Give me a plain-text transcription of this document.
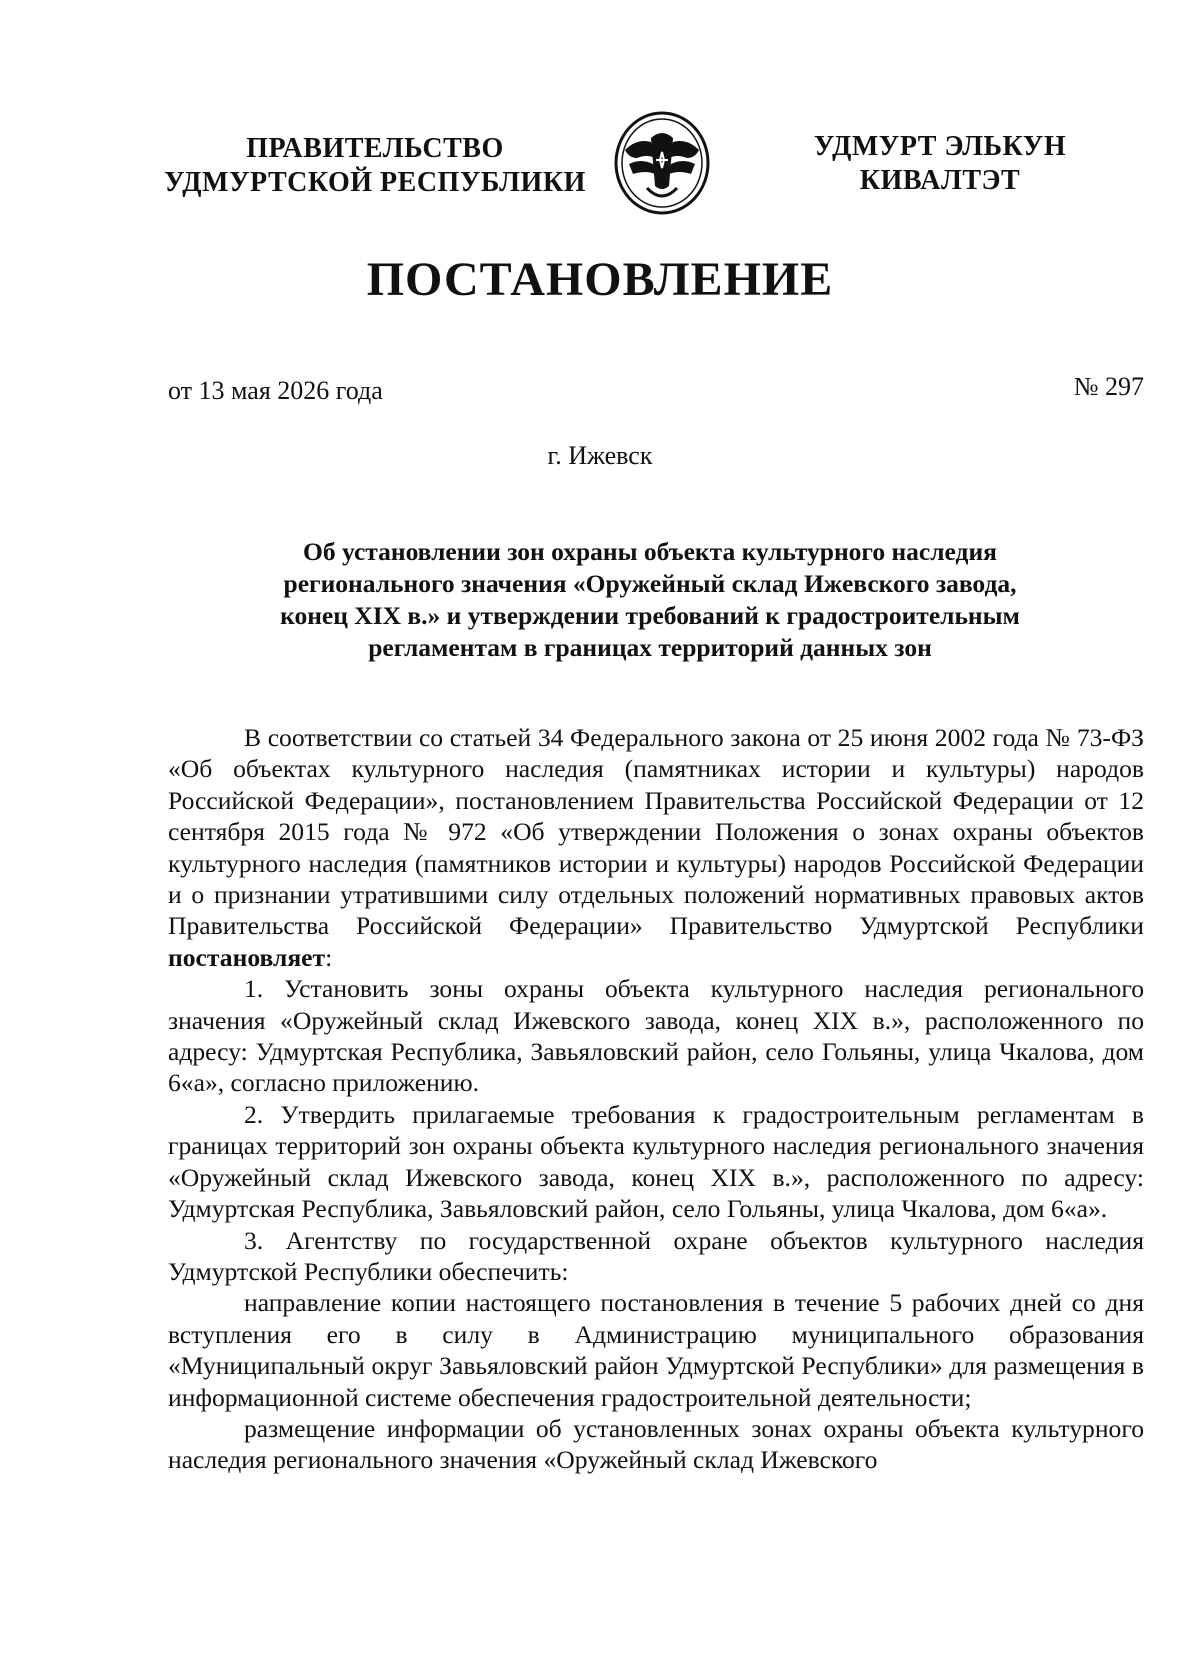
ПРАВИТЕЛЬСТВО
УДМУРТСКОЙ РЕСПУБЛИКИ
УДМУРТ ЭЛЬКУН
КИВАЛТЭТ
ПОСТАНОВЛЕНИЕ
от 13 мая 2026 года	№ 297
г. Ижевск
Об установлении зон охраны объекта культурного наследия
регионального значения «Оружейный склад Ижевского завода,
конец XIX в.» и утверждении требований к градостроительным
регламентам в границах территорий данных зон

В соответствии со статьей 34 Федерального закона от 25 июня 2002 года № 73-ФЗ «Об объектах культурного наследия (памятниках истории и культуры) народов Российской Федерации», постановлением Правительства Российской Федерации от 12 сентября 2015 года № 972 «Об утверждении Положения о зонах охраны объектов культурного наследия (памятников истории и культуры) народов Российской Федерации и о признании утратившими силу отдельных положений нормативных правовых актов Правительства Российской Федерации» Правительство Удмуртской Республики постановляет:

1. Установить зоны охраны объекта культурного наследия регионального значения «Оружейный склад Ижевского завода, конец XIX в.», расположенного по адресу: Удмуртская Республика, Завьяловский район, село Гольяны, улица Чкалова, дом 6«а», согласно приложению.

2. Утвердить прилагаемые требования к градостроительным регламентам в границах территорий зон охраны объекта культурного наследия регионального значения «Оружейный склад Ижевского завода, конец XIX в.», расположенного по адресу: Удмуртская Республика, Завьяловский район, село Гольяны, улица Чкалова, дом 6«а».

3. Агентству по государственной охране объектов культурного наследия Удмуртской Республики обеспечить:

направление копии настоящего постановления в течение 5 рабочих дней со дня вступления его в силу в Администрацию муниципального образования «Муниципальный округ Завьяловский район Удмуртской Республики» для размещения в информационной системе обеспечения градостроительной деятельности;

размещение информации об установленных зонах охраны объекта культурного наследия регионального значения «Оружейный склад Ижевского
